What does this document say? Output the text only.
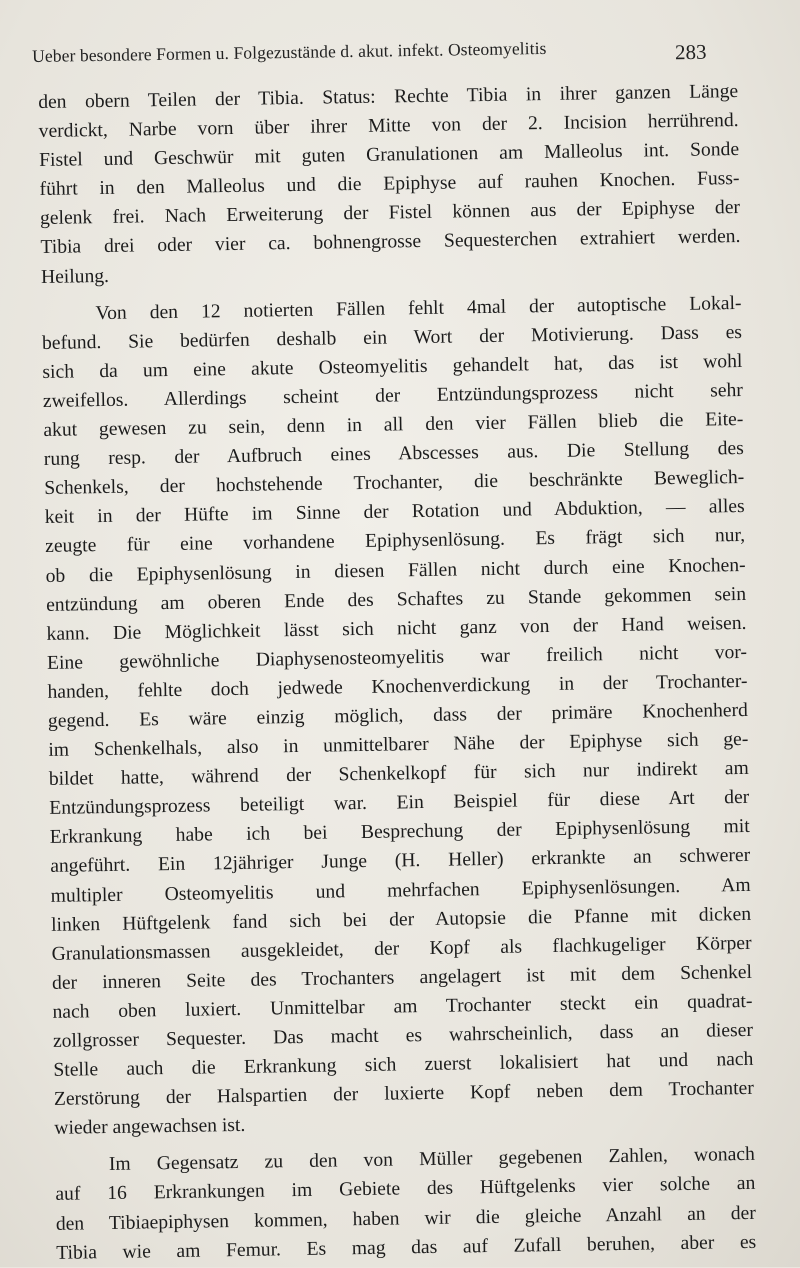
Ueber besondere Formen u. Folgezustände d. akut. infekt. Osteomyelitis	283
den obern Teilen der Tibia. Status: Rechte Tibia in ihrer ganzen Länge
verdickt, Narbe vorn über ihrer Mitte von der 2. Incision herrührend.
Fistel und Geschwür mit guten Granulationen am Malleolus int. Sonde
führt in den Malleolus und die Epiphyse auf rauhen Knochen. Fuss-
gelenk frei. Nach Erweiterung der Fistel können aus der Epiphyse der
Tibia drei oder vier ca. bohnengrosse Sequesterchen extrahiert werden.
Heilung.
Von den 12 notierten Fällen fehlt 4mal der autoptische Lokal-
befund. Sie bedürfen deshalb ein Wort der Motivierung. Dass es
sich da um eine akute Osteomyelitis gehandelt hat, das ist wohl
zweifellos. Allerdings scheint der Entzündungsprozess nicht sehr
akut gewesen zu sein, denn in all den vier Fällen blieb die Eite-
rung resp. der Aufbruch eines Abscesses aus. Die Stellung des
Schenkels, der hochstehende Trochanter, die beschränkte Beweglich-
keit in der Hüfte im Sinne der Rotation und Abduktion, — alles
zeugte für eine vorhandene Epiphysenlösung. Es frägt sich nur,
ob die Epiphysenlösung in diesen Fällen nicht durch eine Knochen-
entzündung am oberen Ende des Schaftes zu Stande gekommen sein
kann. Die Möglichkeit lässt sich nicht ganz von der Hand weisen.
Eine gewöhnliche Diaphysenosteomyelitis war freilich nicht vor-
handen, fehlte doch jedwede Knochenverdickung in der Trochanter-
gegend. Es wäre einzig möglich, dass der primäre Knochenherd
im Schenkelhals, also in unmittelbarer Nähe der Epiphyse sich ge-
bildet hatte, während der Schenkelkopf für sich nur indirekt am
Entzündungsprozess beteiligt war. Ein Beispiel für diese Art der
Erkrankung habe ich bei Besprechung der Epiphysenlösung mit
angeführt. Ein 12jähriger Junge (H. Heller) erkrankte an schwerer
multipler Osteomyelitis und mehrfachen Epiphysenlösungen. Am
linken Hüftgelenk fand sich bei der Autopsie die Pfanne mit dicken
Granulationsmassen ausgekleidet, der Kopf als flachkugeliger Körper
der inneren Seite des Trochanters angelagert ist mit dem Schenkel
nach oben luxiert. Unmittelbar am Trochanter steckt ein quadrat-
zollgrosser Sequester. Das macht es wahrscheinlich, dass an dieser
Stelle auch die Erkrankung sich zuerst lokalisiert hat und nach
Zerstörung der Halspartien der luxierte Kopf neben dem Trochanter
wieder angewachsen ist.
Im Gegensatz zu den von Müller gegebenen Zahlen, wonach
auf 16 Erkrankungen im Gebiete des Hüftgelenks vier solche an
den Tibiaepiphysen kommen, haben wir die gleiche Anzahl an der
Tibia wie am Femur. Es mag das auf Zufall beruhen, aber es
